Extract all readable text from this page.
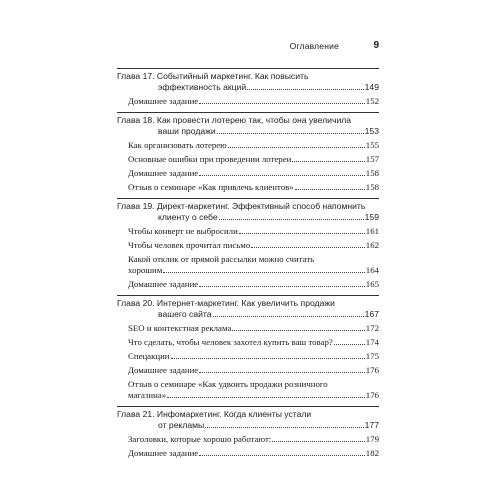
Оглавление	9
Глава 17. Событийный маркетинг. Как повысить
эффективность акций	149
Домашнее задание	152
Глава 18. Как провести лотерею так, чтобы она увеличила
ваши продажи	153
Как организовать лотерею	155
Основные ошибки при проведении лотереи	157
Домашнее задание	158
Отзыв о семинаре «Как привлечь клиентов»	158
Глава 19. Директ-маркетинг. Эффективный способ напомнить
клиенту о себе	159
Чтобы конверт не выбросили	161
Чтобы человек прочитал письмо	162
Какой отклик от прямой рассылки можно считать
хорошим	164
Домашнее задание	165
Глава 20. Интернет-маркетинг. Как увеличить продажи
вашего сайта	167
SEO и контекстная реклама	172
Что сделать, чтобы человек захотел купить ваш товар?	174
Спецакции	175
Домашнее задание	176
Отзыв о семинаре «Как удвоить продажи розничного
магазина»	176
Глава 21. Инфомаркетинг. Когда клиенты устали
от рекламы	177
Заголовки, которые хорошо работают:	179
Домашнее задание	182
